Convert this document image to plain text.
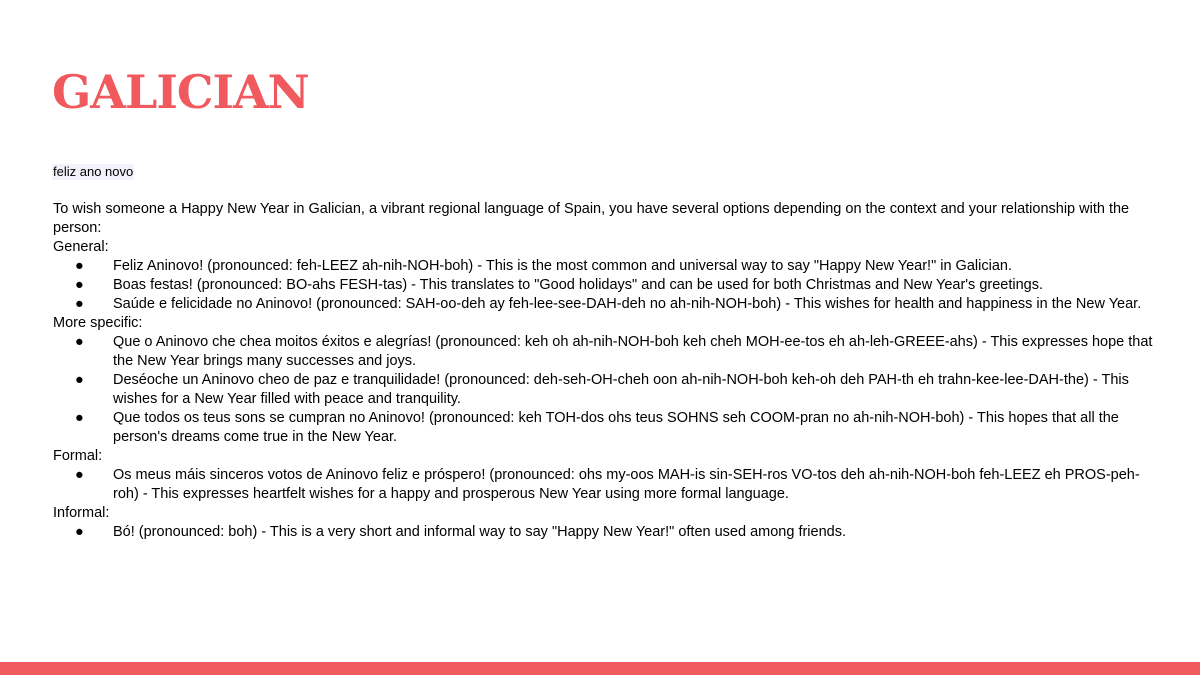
GALICIAN
feliz ano novo

To wish someone a Happy New Year in Galician, a vibrant regional language of Spain, you have several options depending on the context and your relationship with the person:

General:
● Feliz Aninovo! (pronounced: feh-LEEZ ah-nih-NOH-boh) - This is the most common and universal way to say "Happy New Year!" in Galician.
● Boas festas! (pronounced: BO-ahs FESH-tas) - This translates to "Good holidays" and can be used for both Christmas and New Year's greetings.
● Saúde e felicidade no Aninovo! (pronounced: SAH-oo-deh ay feh-lee-see-DAH-deh no ah-nih-NOH-boh) - This wishes for health and happiness in the New Year.
More specific:
● Que o Aninovo che chea moitos éxitos e alegrías! (pronounced: keh oh ah-nih-NOH-boh keh cheh MOH-ee-tos eh ah-leh-GREEE-ahs) - This expresses hope that the New Year brings many successes and joys.
● Deséoche un Aninovo cheo de paz e tranquilidade! (pronounced: deh-seh-OH-cheh oon ah-nih-NOH-boh keh-oh deh PAH-th eh trahn-kee-lee-DAH-the) - This wishes for a New Year filled with peace and tranquility.
● Que todos os teus sons se cumpran no Aninovo! (pronounced: keh TOH-dos ohs teus SOHNS seh COOM-pran no ah-nih-NOH-boh) - This hopes that all the person's dreams come true in the New Year.
Formal:
● Os meus máis sinceros votos de Aninovo feliz e próspero! (pronounced: ohs my-oos MAH-is sin-SEH-ros VO-tos deh ah-nih-NOH-boh feh-LEEZ eh PROS-peh-roh) - This expresses heartfelt wishes for a happy and prosperous New Year using more formal language.
Informal:
● Bó! (pronounced: boh) - This is a very short and informal way to say "Happy New Year!" often used among friends.
